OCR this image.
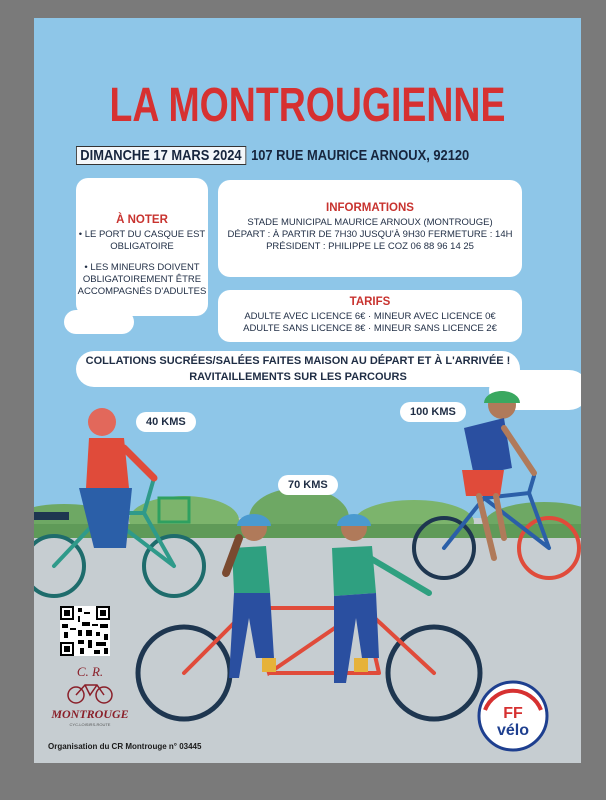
LA MONTROUGIENNE
DIMANCHE 17 MARS 2024 107 RUE MAURICE ARNOUX, 92120
À NOTER

• LE PORT DU CASQUE EST OBLIGATOIRE

• LES MINEURS DOIVENT OBLIGATOIREMENT ÊTRE ACCOMPAGNÉS D'ADULTES

INFORMATIONS
STADE MUNICIPAL MAURICE ARNOUX (MONTROUGE)
DÉPART : À PARTIR DE 7H30 JUSQU'À 9H30 FERMETURE : 14H
PRÉSIDENT : PHILIPPE LE COZ 06 88 96 14 25
TARIFS
ADULTE AVEC LICENCE 6€ · MINEUR AVEC LICENCE 0€
ADULTE SANS LICENCE 8€ · MINEUR SANS LICENCE 2€
COLLATIONS SUCRÉES/SALÉES FAITES MAISON AU DÉPART ET À L'ARRIVÉE !
RAVITAILLEMENTS SUR LES PARCOURS
40 KMS
70 KMS
100 KMS
C. R.
MONTROUGE
CYC-LOISIRS-ROUTE
Organisation du CR Montrouge n° 03445
FF
vélo
